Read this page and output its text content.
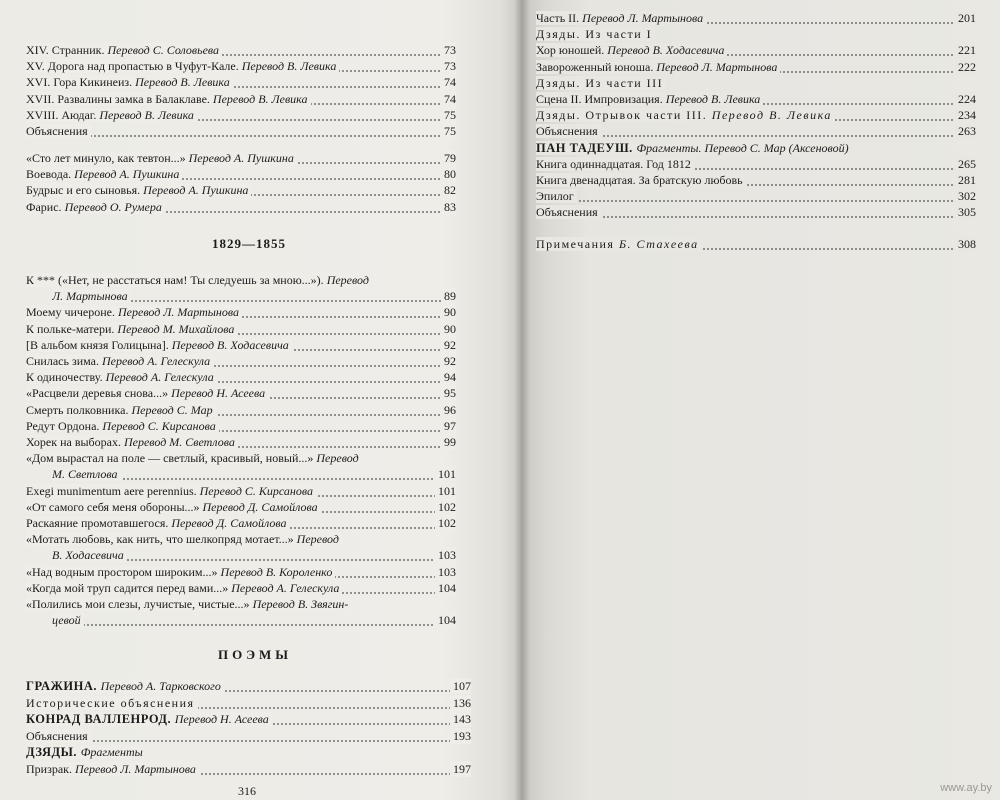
1829—1855
ПОЭМЫ
316
XIV. Странник. Перевод С. Соловьева	73
XV. Дорога над пропастью в Чуфут-Кале. Перевод В. Левика	73
XVI. Гора Кикинеиз. Перевод В. Левика	74
XVII. Развалины замка в Балаклаве. Перевод В. Левика	74
XVIII. Аюдаг. Перевод В. Левика	75
Объяснения	75
«Сто лет минуло, как тевтон...» Перевод А. Пушкина	79
Воевода. Перевод А. Пушкина	80
Будрыс и его сыновья. Перевод А. Пушкина	82
Фарис. Перевод О. Румера	83
К *** («Нет, не расстаться нам! Ты следуешь за мною...»). Перевод
Л. Мартынова	89
Моему чичероне. Перевод Л. Мартынова	90
К полькe-матери. Перевод М. Михайлова	90
[В альбом князя Голицына]. Перевод В. Ходасевича	92
Снилась зима. Перевод А. Гелескула	92
К одиночеству. Перевод А. Гелескула	94
«Расцвели деревья снова...» Перевод Н. Асеева	95
Смерть полковника. Перевод С. Мар	96
Редут Ордона. Перевод С. Кирсанова	97
Хорек на выборах. Перевод М. Светлова	99
«Дом вырастал на поле — светлый, красивый, новый...» Перевод
М. Светлова	101
Exegi munimentum aere perennius. Перевод С. Кирсанова	101
«От самого себя меня обороны...» Перевод Д. Самойлова	102
Раскаяние промотавшегося. Перевод Д. Самойлова	102
«Мотать любовь, как нить, что шелкопряд мотает...» Перевод
В. Ходасевича	103
«Над водным простором широким...» Перевод В. Короленко	103
«Когда мой труп садится перед вами...» Перевод А. Гелескула	104
«Полились мои слезы, лучистые, чистые...» Перевод В. Звягин-
цевой	104
ГРАЖИНА. Перевод А. Тарковского	107
Исторические объяснения	136
КОНРАД ВАЛЛЕНРОД. Перевод Н. Асеева	143
Объяснения	193
ДЗЯДЫ. Фрагменты
Призрак. Перевод Л. Мартынова	197
www.ay.by
Часть II. Перевод Л. Мартынова	201
Дзяды. Из части I
Хор юношей. Перевод В. Ходасевича	221
Завороженный юноша. Перевод Л. Мартынова	222
Дзяды. Из части III
Сцена II. Импровизация. Перевод В. Левика	224
Дзяды. Отрывок части III. Перевод В. Левика	234
Объяснения	263
ПАН ТАДЕУШ. Фрагменты. Перевод С. Мар (Аксеновой)
Книга одиннадцатая. Год 1812	265
Книга двенадцатая. За братскую любовь	281
Эпилог	302
Объяснения	305
Примечания Б. Стахеева	308
